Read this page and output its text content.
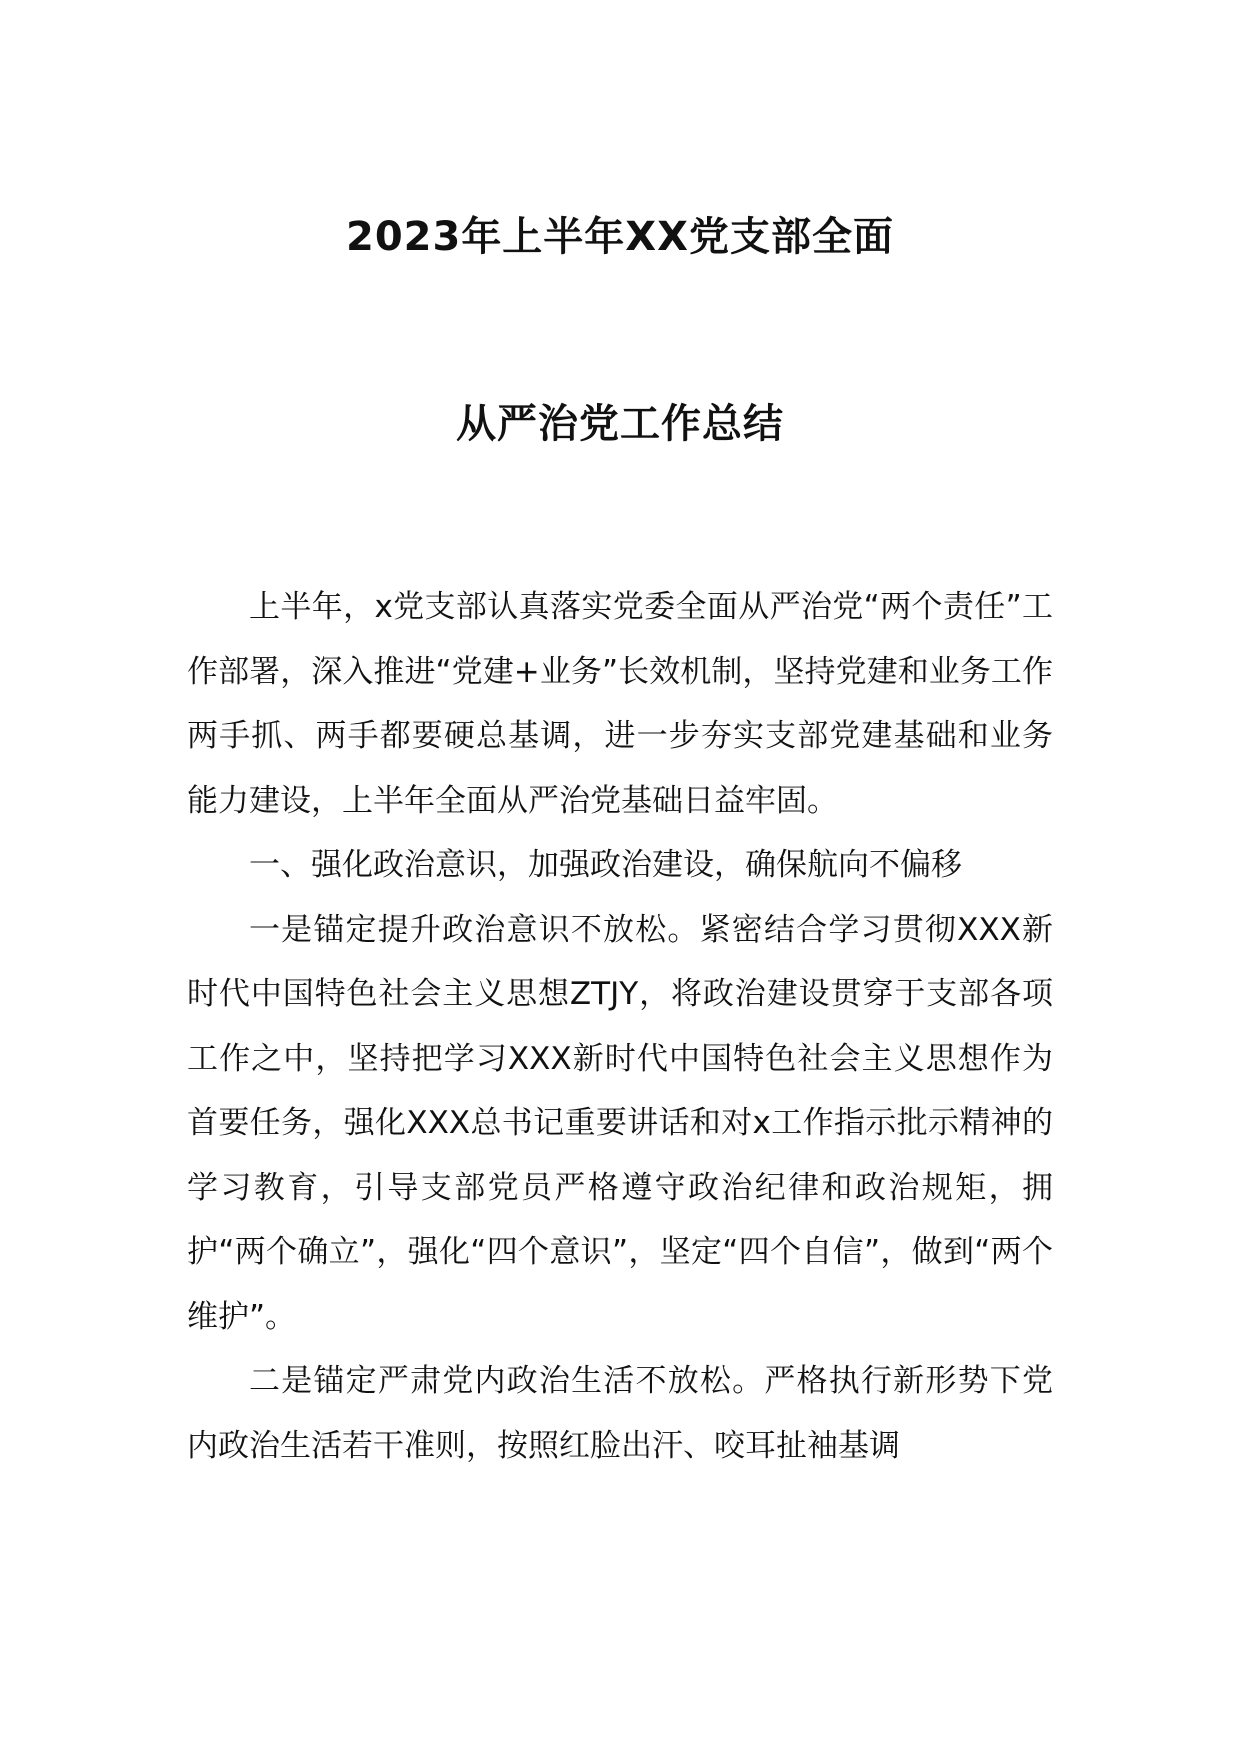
2023年上半年XX党支部全面
从严治党工作总结

上半年，x党支部认真落实党委全面从严治党“两个责任”工作部署，深入推进“党建+业务”长效机制，坚持党建和业务工作两手抓、两手都要硬总基调，进一步夯实支部党建基础和业务能力建设，上半年全面从严治党基础日益牢固。

一、强化政治意识，加强政治建设，确保航向不偏移

一是锚定提升政治意识不放松。紧密结合学习贯彻XXX新时代中国特色社会主义思想ZTJY，将政治建设贯穿于支部各项工作之中，坚持把学习XXX新时代中国特色社会主义思想作为首要任务，强化XXX总书记重要讲话和对x工作指示批示精神的学习教育，引导支部党员严格遵守政治纪律和政治规矩，拥护“两个确立”，强化“四个意识”，坚定“四个自信”，做到“两个维护”。

二是锚定严肃党内政治生活不放松。严格执行新形势下党内政治生活若干准则，按照红脸出汗、咬耳扯袖基调
